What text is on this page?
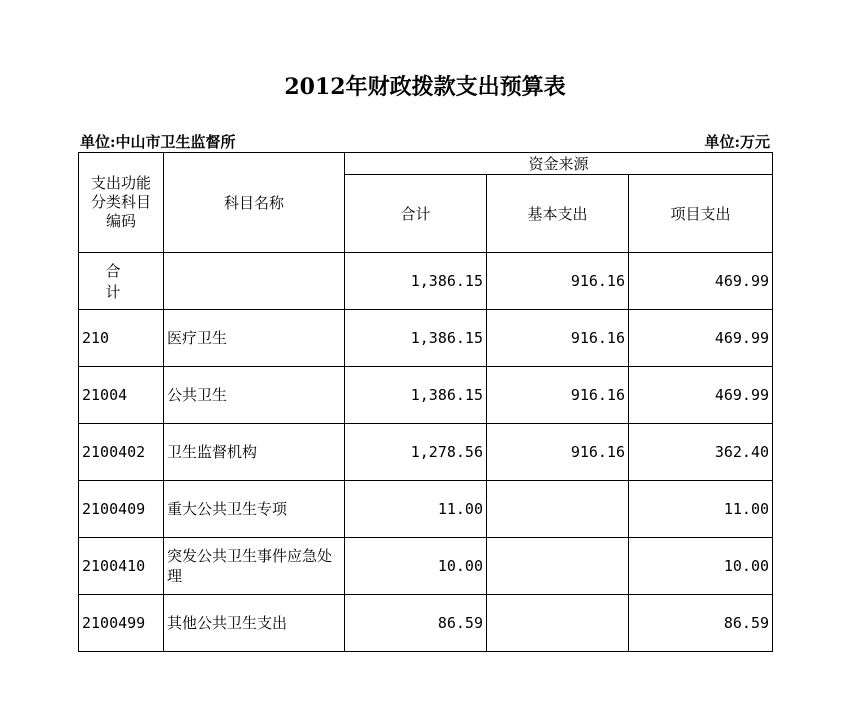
2012年财政拨款支出预算表
单位:中山市卫生监督所	单位:万元
支出功能
分类科目
编码	科目名称	资金来源		
		合计	基本支出	项目支出
合 计		1,386.15	916.16	469.99
210	医疗卫生	1,386.15	916.16	469.99
21004	公共卫生	1,386.15	916.16	469.99
2100402	卫生监督机构	1,278.56	916.16	362.40
2100409	重大公共卫生专项	11.00		11.00
2100410	突发公共卫生事件应急处理	10.00		10.00
2100499	其他公共卫生支出	86.59		86.59
